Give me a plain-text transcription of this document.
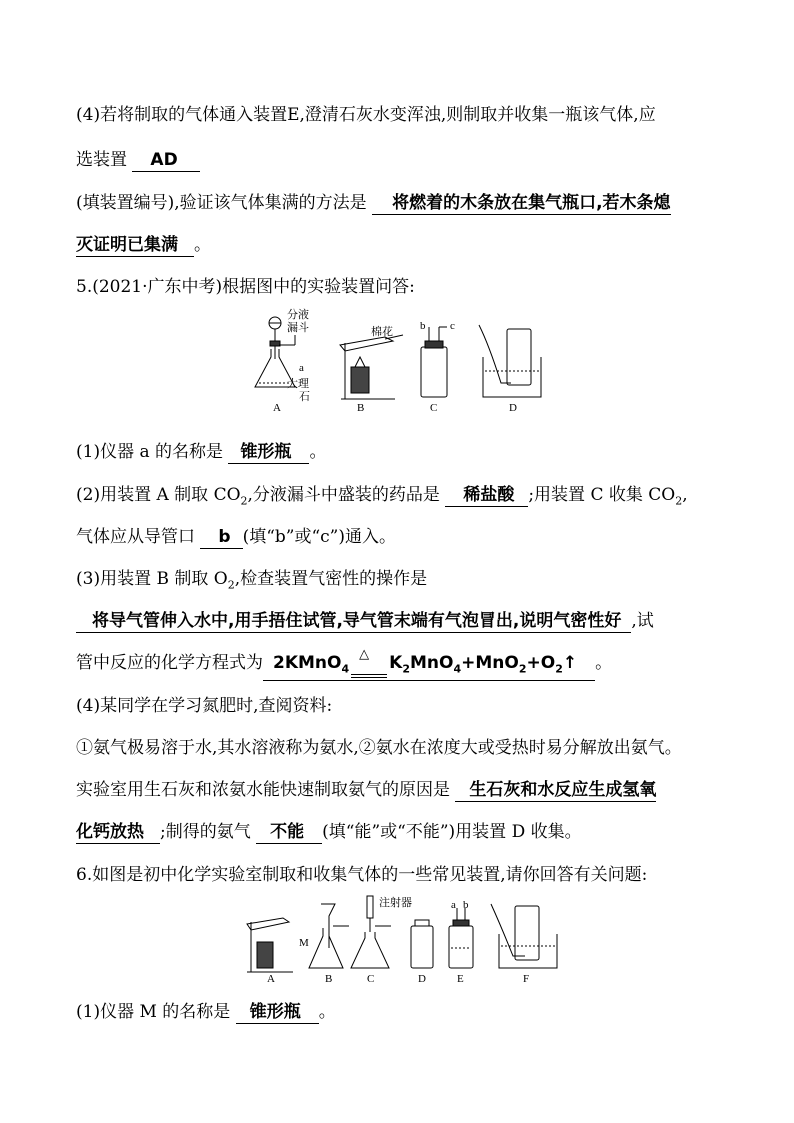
(4)若将制取的气体通入装置E,澄清石灰水变浑浊,则制取并收集一瓶该气体,应
选装置 AD
(填装置编号),验证该气体集满的方法是 将燃着的木条放在集气瓶口,若木条熄
灭证明已集满 。
5.(2021·广东中考)根据图中的实验装置问答:
分液
漏斗
a
大理
石
A
棉花
B
b c
C	D
(1)仪器 a 的名称是 锥形瓶 。
(2)用装置 A 制取 $CO_2$,分液漏斗中盛装的药品是 稀盐酸 ;用装置 C 收集 $CO_2$,
气体应从导管口 b (填“b”或“c”)通入。
(3)用装置 B 制取 $O_2$,检查装置气密性的操作是
将导气管伸入水中,用手捂住试管,导气管末端有气泡冒出,说明气密性好 ,试
管中反应的化学方程式为 2KMnO$_4$
△ $K_2MnO_4+MnO_2+O_2↑$ 。
(4)某同学在学习氮肥时,查阅资料:
①氨气极易溶于水,其水溶液称为氨水,②氨水在浓度大或受热时易分解放出氨气。
实验室用生石灰和浓氨水能快速制取氨气的原因是 生石灰和水反应生成氢氧
化钙放热 ;制得的氨气 不能 (填“能”或“不能”)用装置 D 收集。
6.如图是初中化学实验室制取和收集气体的一些常见装置,请你回答有关问题:
A
M
B
注射器
C	D
a b
E	F
(1)仪器 M 的名称是 锥形瓶 。
